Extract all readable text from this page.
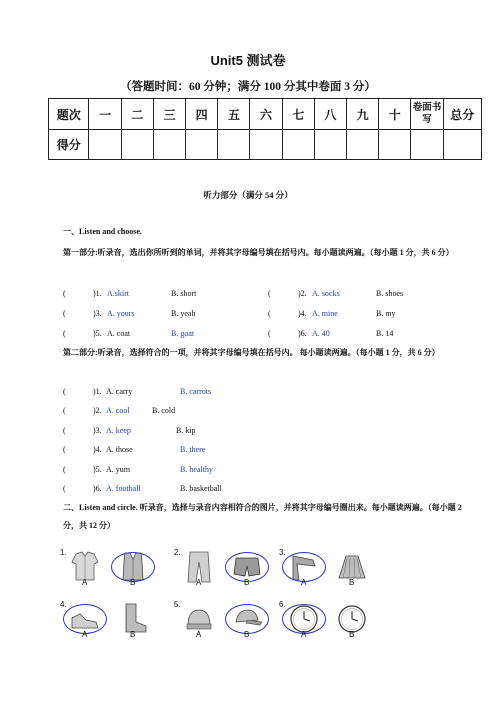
Unit5 测试卷
（答题时间：60 分钟；满分 100 分其中卷面 3 分）
题次	一	二	三	四	五	六	七	八	九	十	卷面书写	总分
得分												
听力部分（满分 54 分）
一、Listen and choose.
第一部分:听录音，选出你所听到的单词，并将其字母编号填在括号内。每小题读两遍。（每小题 1 分，共 6 分）
(	)1. A.skirt	B. short	(	)2. A. socks	B. shoes
(	)3. A. yours	B. yeah	(	)4. A. mine	B. my
(	)5. A. coat	B. goat	(	)6. A. 40	B. 14
第二部分:听录音，选择符合的一项，并将其字母编号填在括号内。 每小题读两遍。（每小题 1 分，共 6 分）
(	)1. A. carry	B. carrots
(	)2. A. cool	B. cold
(	)3. A. keep	B. kip
(	)4. A. those	B. there
(	)5. A. yum	B. healthy
(	)6. A. football	B. basketball
二、Listen and circle. 听录音，选择与录音内容相符合的图片，并将其字母编号圈出来。每小题读两遍。（每小题 2 分，共 12 分）
1.
A	B
2.
A	B
3.
A	B
4.
A	B
5.
A	B
6.
A	B
